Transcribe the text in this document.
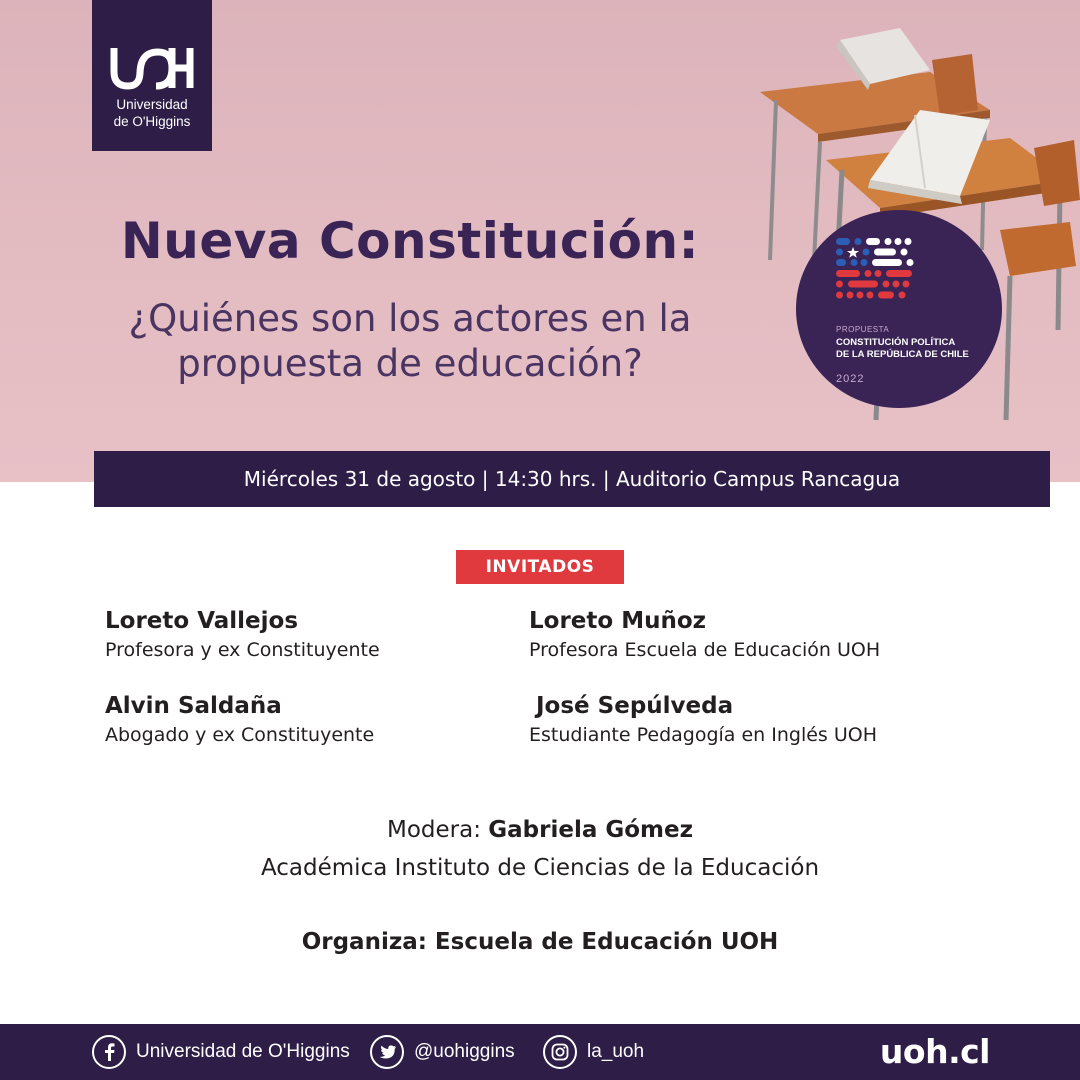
Universidad
de O'Higgins
Nueva Constitución:
¿Quiénes son los actores en la
propuesta de educación?
PROPUESTA
CONSTITUCIÓN POLÍTICA
DE LA REPÚBLICA DE CHILE
2022
Miércoles 31 de agosto | 14:30 hrs. | Auditorio Campus Rancagua
INVITADOS
Loreto Vallejos
Profesora y ex Constituyente
Loreto Muñoz
Profesora Escuela de Educación UOH
Alvin Saldaña
Abogado y ex Constituyente
José Sepúlveda
Estudiante Pedagogía en Inglés UOH
Modera: Gabriela Gómez
Académica Instituto de Ciencias de la Educación
Organiza: Escuela de Educación UOH
Universidad de O'Higgins	@uohiggins	la_uoh	uoh.cl
